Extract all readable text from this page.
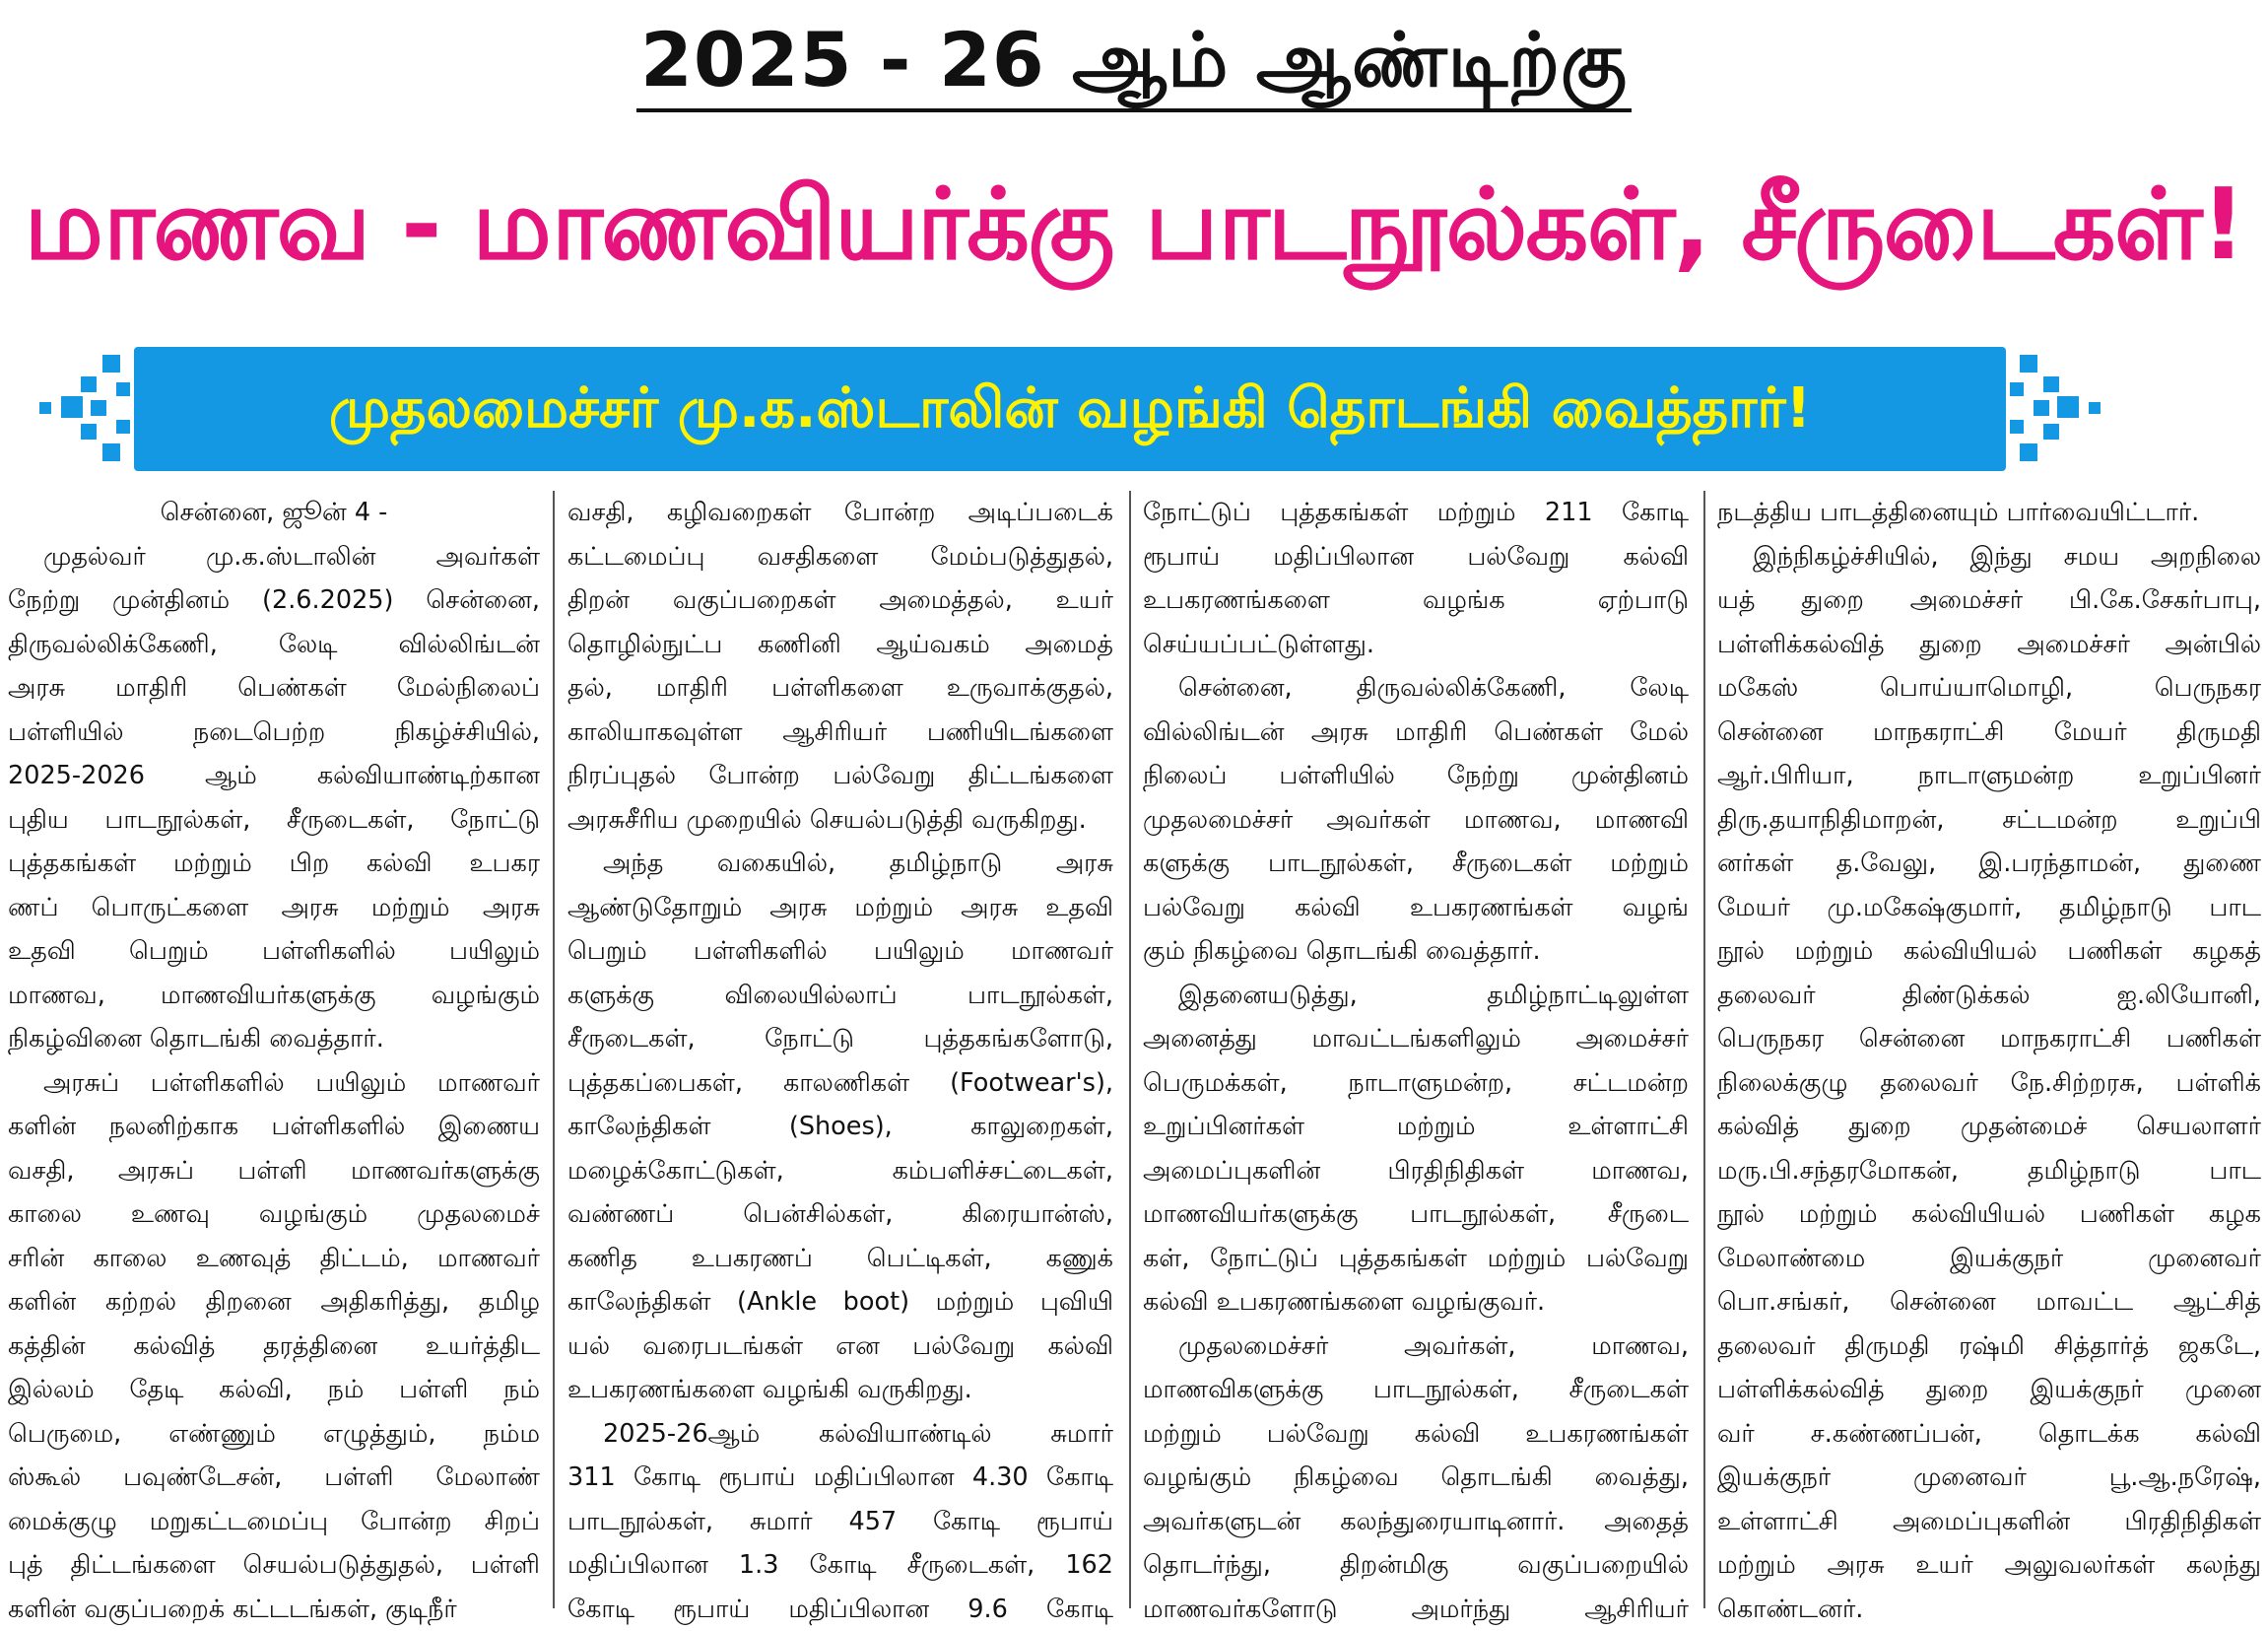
2025 - 26 ஆம் ஆண்டிற்கு
மாணவ - மாணவியர்க்கு பாடநூல்கள், சீருடைகள்!
முதலமைச்சர் மு.க.ஸ்டாலின் வழங்கி தொடங்கி வைத்தார்!
சென்னை, ஜூன் 4 -
முதல்வர் மு.க.ஸ்டாலின் அவர்கள்
நேற்று முன்தினம் (2.6.2025) சென்னை,
திருவல்லிக்கேணி, லேடி வில்லிங்டன்
அரசு மாதிரி பெண்கள் மேல்நிலைப்
பள்ளியில் நடைபெற்ற நிகழ்ச்சியில்,
2025-2026 ஆம் கல்வியாண்டிற்கான
புதிய பாடநூல்கள், சீருடைகள், நோட்டு
புத்தகங்கள் மற்றும் பிற கல்வி உபகர
ணப் பொருட்களை அரசு மற்றும் அரசு
உதவி பெறும் பள்ளிகளில் பயிலும்
மாணவ, மாணவியர்களுக்கு வழங்கும்
நிகழ்வினை தொடங்கி வைத்தார்.
அரசுப் பள்ளிகளில் பயிலும் மாணவர்
களின் நலனிற்காக பள்ளிகளில் இணைய
வசதி, அரசுப் பள்ளி மாணவர்களுக்கு
காலை உணவு வழங்கும் முதலமைச்
சரின் காலை உணவுத் திட்டம், மாணவர்
களின் கற்றல் திறனை அதிகரித்து, தமிழ
கத்தின் கல்வித் தரத்தினை உயர்த்திட
இல்லம் தேடி கல்வி, நம் பள்ளி நம்
பெருமை, எண்ணும் எழுத்தும், நம்ம
ஸ்கூல் பவுண்டேசன், பள்ளி மேலாண்
மைக்குழு மறுகட்டமைப்பு போன்ற சிறப்
புத் திட்டங்களை செயல்படுத்துதல், பள்ளி
களின் வகுப்பறைக் கட்டடங்கள், குடிநீர்
வசதி, கழிவறைகள் போன்ற அடிப்படைக்
கட்டமைப்பு வசதிகளை மேம்படுத்துதல்,
திறன் வகுப்பறைகள் அமைத்தல், உயர்
தொழில்நுட்ப கணினி ஆய்வகம் அமைத்
தல், மாதிரி பள்ளிகளை உருவாக்குதல்,
காலியாகவுள்ள ஆசிரியர் பணியிடங்களை
நிரப்புதல் போன்ற பல்வேறு திட்டங்களை
அரசுசீரிய முறையில் செயல்படுத்தி வருகிறது.
அந்த வகையில், தமிழ்நாடு அரசு
ஆண்டுதோறும் அரசு மற்றும் அரசு உதவி
பெறும் பள்ளிகளில் பயிலும் மாணவர்
களுக்கு விலையில்லாப் பாடநூல்கள்,
சீருடைகள், நோட்டு புத்தகங்களோடு,
புத்தகப்பைகள், காலணிகள் (Footwear's),
காலேந்திகள் (Shoes), காலுறைகள்,
மழைக்கோட்டுகள், கம்பளிச்சட்டைகள்,
வண்ணப் பென்சில்கள், கிரையான்ஸ்,
கணித உபகரணப் பெட்டிகள், கணுக்
காலேந்திகள் (Ankle boot) மற்றும் புவியி
யல் வரைபடங்கள் என பல்வேறு கல்வி
உபகரணங்களை வழங்கி வருகிறது.
2025-26ஆம் கல்வியாண்டில் சுமார்
311 கோடி ரூபாய் மதிப்பிலான 4.30 கோடி
பாடநூல்கள், சுமார் 457 கோடி ரூபாய்
மதிப்பிலான 1.3 கோடி சீருடைகள், 162
கோடி ரூபாய் மதிப்பிலான 9.6 கோடி
நோட்டுப் புத்தகங்கள் மற்றும் 211 கோடி
ரூபாய் மதிப்பிலான பல்வேறு கல்வி
உபகரணங்களை வழங்க ஏற்பாடு
செய்யப்பட்டுள்ளது.
சென்னை, திருவல்லிக்கேணி, லேடி
வில்லிங்டன் அரசு மாதிரி பெண்கள் மேல்
நிலைப் பள்ளியில் நேற்று முன்தினம்
முதலமைச்சர் அவர்கள் மாணவ, மாணவி
களுக்கு பாடநூல்கள், சீருடைகள் மற்றும்
பல்வேறு கல்வி உபகரணங்கள் வழங்
கும் நிகழ்வை தொடங்கி வைத்தார்.
இதனையடுத்து, தமிழ்நாட்டிலுள்ள
அனைத்து மாவட்டங்களிலும் அமைச்சர்
பெருமக்கள், நாடாளுமன்ற, சட்டமன்ற
உறுப்பினர்கள் மற்றும் உள்ளாட்சி
அமைப்புகளின் பிரதிநிதிகள் மாணவ,
மாணவியர்களுக்கு பாடநூல்கள், சீருடை
கள், நோட்டுப் புத்தகங்கள் மற்றும் பல்வேறு
கல்வி உபகரணங்களை வழங்குவர்.
முதலமைச்சர் அவர்கள், மாணவ,
மாணவிகளுக்கு பாடநூல்கள், சீருடைகள்
மற்றும் பல்வேறு கல்வி உபகரணங்கள்
வழங்கும் நிகழ்வை தொடங்கி வைத்து,
அவர்களுடன் கலந்துரையாடினார். அதைத்
தொடர்ந்து, திறன்மிகு வகுப்பறையில்
மாணவர்களோடு அமர்ந்து ஆசிரியர்
நடத்திய பாடத்தினையும் பார்வையிட்டார்.
இந்நிகழ்ச்சியில், இந்து சமய அறநிலை
யத் துறை அமைச்சர் பி.கே.சேகர்பாபு,
பள்ளிக்கல்வித் துறை அமைச்சர் அன்பில்
மகேஸ் பொய்யாமொழி, பெருநகர
சென்னை மாநகராட்சி மேயர் திருமதி
ஆர்.பிரியா, நாடாளுமன்ற உறுப்பினர்
திரு.தயாநிதிமாறன், சட்டமன்ற உறுப்பி
னர்கள் த.வேலு, இ.பரந்தாமன், துணை
மேயர் மு.மகேஷ்குமார், தமிழ்நாடு பாட
நூல் மற்றும் கல்வியியல் பணிகள் கழகத்
தலைவர் திண்டுக்கல் ஐ.லியோனி,
பெருநகர சென்னை மாநகராட்சி பணிகள்
நிலைக்குழு தலைவர் நே.சிற்றரசு, பள்ளிக்
கல்வித் துறை முதன்மைச் செயலாளர்
மரு.பி.சந்தரமோகன், தமிழ்நாடு பாட
நூல் மற்றும் கல்வியியல் பணிகள் கழக
மேலாண்மை இயக்குநர் முனைவர்
பொ.சங்கர், சென்னை மாவட்ட ஆட்சித்
தலைவர் திருமதி ரஷ்மி சித்தார்த் ஜகடே,
பள்ளிக்கல்வித் துறை இயக்குநர் முனை
வர் ச.கண்ணப்பன், தொடக்க கல்வி
இயக்குநர் முனைவர் பூ.ஆ.நரேஷ்,
உள்ளாட்சி அமைப்புகளின் பிரதிநிதிகள்
மற்றும் அரசு உயர் அலுவலர்கள் கலந்து
கொண்டனர்.
